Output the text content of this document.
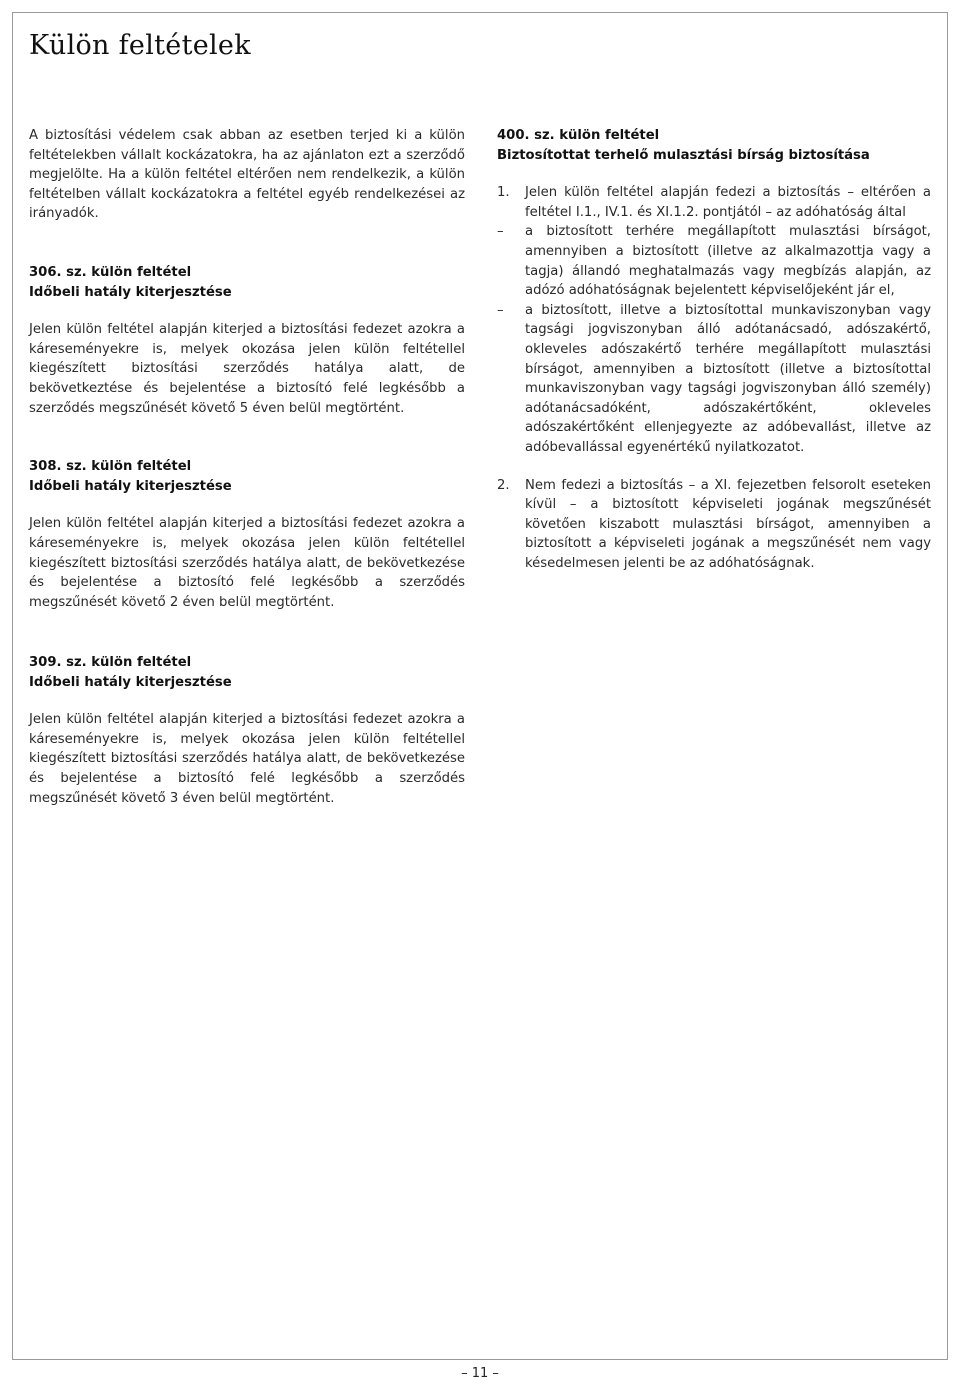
Külön feltételek

A biztosítási védelem csak abban az esetben terjed ki a külön feltételekben vállalt kockázatokra, ha az ajánlaton ezt a szerződő megjelölte. Ha a külön feltétel eltérően nem rendelkezik, a külön feltételben vállalt kockázatokra a feltétel egyéb rendelkezései az irányadók.

306. sz. külön feltétel
Időbeli hatály kiterjesztése

Jelen külön feltétel alapján kiterjed a biztosítási fedezet azokra a káreseményekre is, melyek okozása jelen külön feltétellel kiegészített biztosítási szerződés hatálya alatt, de bekövetkeztése és bejelentése a biztosító felé legkésőbb a szerződés megszűnését követő 5 éven belül megtörtént.

308. sz. külön feltétel
Időbeli hatály kiterjesztése

Jelen külön feltétel alapján kiterjed a biztosítási fedezet azokra a káreseményekre is, melyek okozása jelen külön feltétellel kiegészített biztosítási szerződés hatálya alatt, de bekövetkezése és bejelentése a biztosító felé legkésőbb a szerződés megszűnését követő 2 éven belül megtörtént.

309. sz. külön feltétel
Időbeli hatály kiterjesztése

Jelen külön feltétel alapján kiterjed a biztosítási fedezet azokra a káreseményekre is, melyek okozása jelen külön feltétellel kiegészített biztosítási szerződés hatálya alatt, de bekövetkezése és bejelentése a biztosító felé legkésőbb a szerződés megszűnését követő 3 éven belül megtörtént.

400. sz. külön feltétel
Biztosítottat terhelő mulasztási bírság biztosítása
1.	Jelen külön feltétel alapján fedezi a biztosítás – eltérően a feltétel I.1., IV.1. és XI.1.2. pontjától – az adóhatóság által

–	a biztosított terhére megállapított mulasztási bírságot, amennyiben a biztosított (illetve az alkalmazottja vagy a tagja) állandó meghatalmazás vagy megbízás alapján, az adózó adóhatóságnak bejelentett képviselőjeként jár el,

–	a biztosított, illetve a biztosítottal munkaviszonyban vagy tagsági jogviszonyban álló adótanácsadó, adószakértő, okleveles adószakértő terhére megállapított mulasztási bírságot, amennyiben a biztosított (illetve a biztosítottal munkaviszonyban vagy tagsági jogviszonyban álló személy) adótanácsadóként, adószakértőként, okleveles adószakértőként ellenjegyezte az adóbevallást, illetve az adóbevallással egyenértékű nyilatkozatot.

2.	Nem fedezi a biztosítás – a XI. fejezetben felsorolt eseteken kívül – a biztosított képviseleti jogának megszűnését követően kiszabott mulasztási bírságot, amennyiben a biztosított a képviseleti jogának a megszűnését nem vagy késedelmesen jelenti be az adóhatóságnak.

– 11 –
